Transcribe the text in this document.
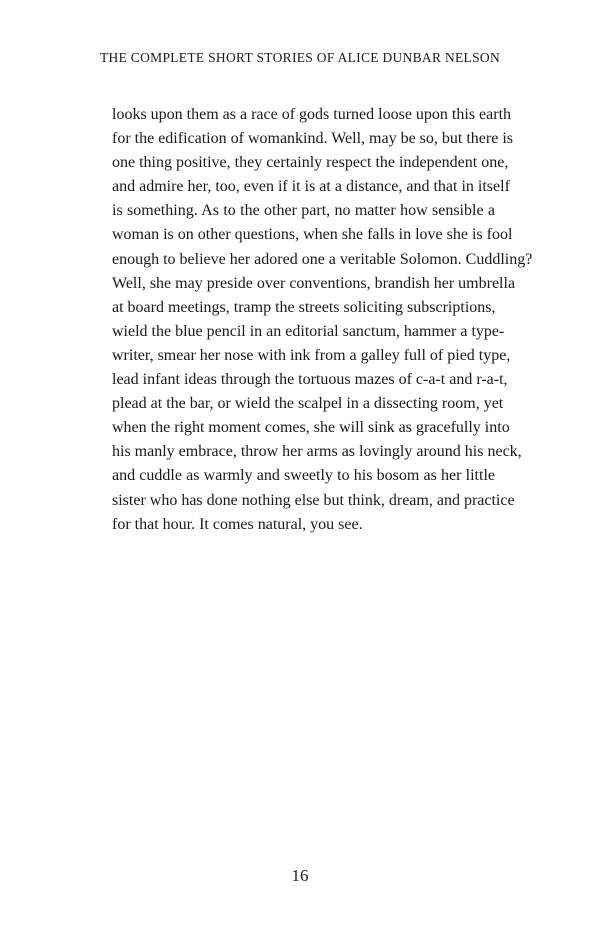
THE COMPLETE SHORT STORIES OF ALICE DUNBAR NELSON
looks upon them as a race of gods turned loose upon this earth
for the edification of womankind. Well, may be so, but there is
one thing positive, they certainly respect the independent one,
and admire her, too, even if it is at a distance, and that in itself
is something. As to the other part, no matter how sensible a
woman is on other questions, when she falls in love she is fool
enough to believe her adored one a veritable Solomon. Cuddling?
Well, she may preside over conventions, brandish her umbrella
at board meetings, tramp the streets soliciting subscriptions,
wield the blue pencil in an editorial sanctum, hammer a type-
writer, smear her nose with ink from a galley full of pied type,
lead infant ideas through the tortuous mazes of c-a-t and r-a-t,
plead at the bar, or wield the scalpel in a dissecting room, yet
when the right moment comes, she will sink as gracefully into
his manly embrace, throw her arms as lovingly around his neck,
and cuddle as warmly and sweetly to his bosom as her little
sister who has done nothing else but think, dream, and practice
for that hour. It comes natural, you see.
16
